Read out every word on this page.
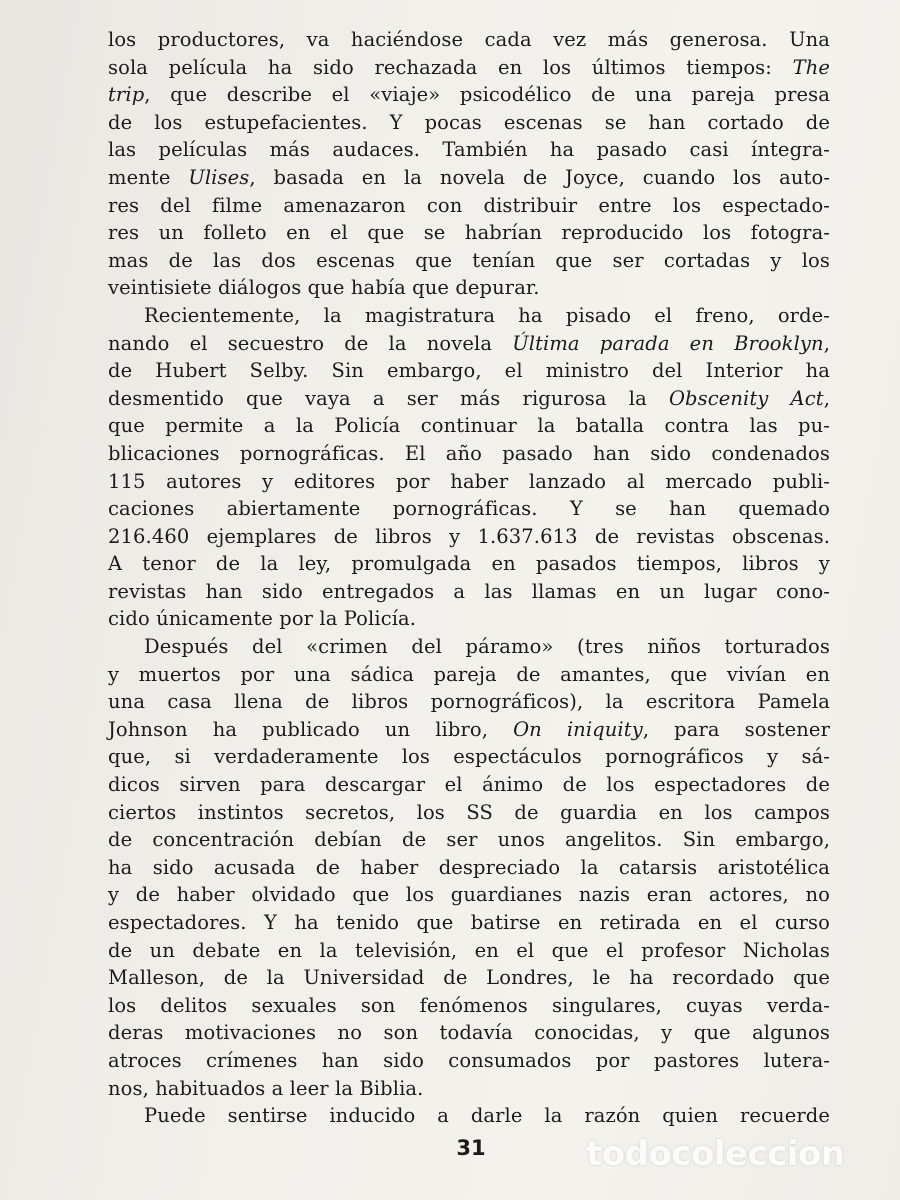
los productores, va haciéndose cada vez más generosa. Una
sola película ha sido rechazada en los últimos tiempos: The
trip, que describe el «viaje» psicodélico de una pareja presa
de los estupefacientes. Y pocas escenas se han cortado de
las películas más audaces. También ha pasado casi íntegra-
mente Ulises, basada en la novela de Joyce, cuando los auto-
res del filme amenazaron con distribuir entre los espectado-
res un folleto en el que se habrían reproducido los fotogra-
mas de las dos escenas que tenían que ser cortadas y los
veintisiete diálogos que había que depurar.
Recientemente, la magistratura ha pisado el freno, orde-
nando el secuestro de la novela Última parada en Brooklyn,
de Hubert Selby. Sin embargo, el ministro del Interior ha
desmentido que vaya a ser más rigurosa la Obscenity Act,
que permite a la Policía continuar la batalla contra las pu-
blicaciones pornográficas. El año pasado han sido condenados
115 autores y editores por haber lanzado al mercado publi-
caciones abiertamente pornográficas. Y se han quemado
216.460 ejemplares de libros y 1.637.613 de revistas obscenas.
A tenor de la ley, promulgada en pasados tiempos, libros y
revistas han sido entregados a las llamas en un lugar cono-
cido únicamente por la Policía.
Después del «crimen del páramo» (tres niños torturados
y muertos por una sádica pareja de amantes, que vivían en
una casa llena de libros pornográficos), la escritora Pamela
Johnson ha publicado un libro, On iniquity, para sostener
que, si verdaderamente los espectáculos pornográficos y sá-
dicos sirven para descargar el ánimo de los espectadores de
ciertos instintos secretos, los SS de guardia en los campos
de concentración debían de ser unos angelitos. Sin embargo,
ha sido acusada de haber despreciado la catarsis aristotélica
y de haber olvidado que los guardianes nazis eran actores, no
espectadores. Y ha tenido que batirse en retirada en el curso
de un debate en la televisión, en el que el profesor Nicholas
Malleson, de la Universidad de Londres, le ha recordado que
los delitos sexuales son fenómenos singulares, cuyas verda-
deras motivaciones no son todavía conocidas, y que algunos
atroces crímenes han sido consumados por pastores lutera-
nos, habituados a leer la Biblia.
Puede sentirse inducido a darle la razón quien recuerde
31	todocoleccion
